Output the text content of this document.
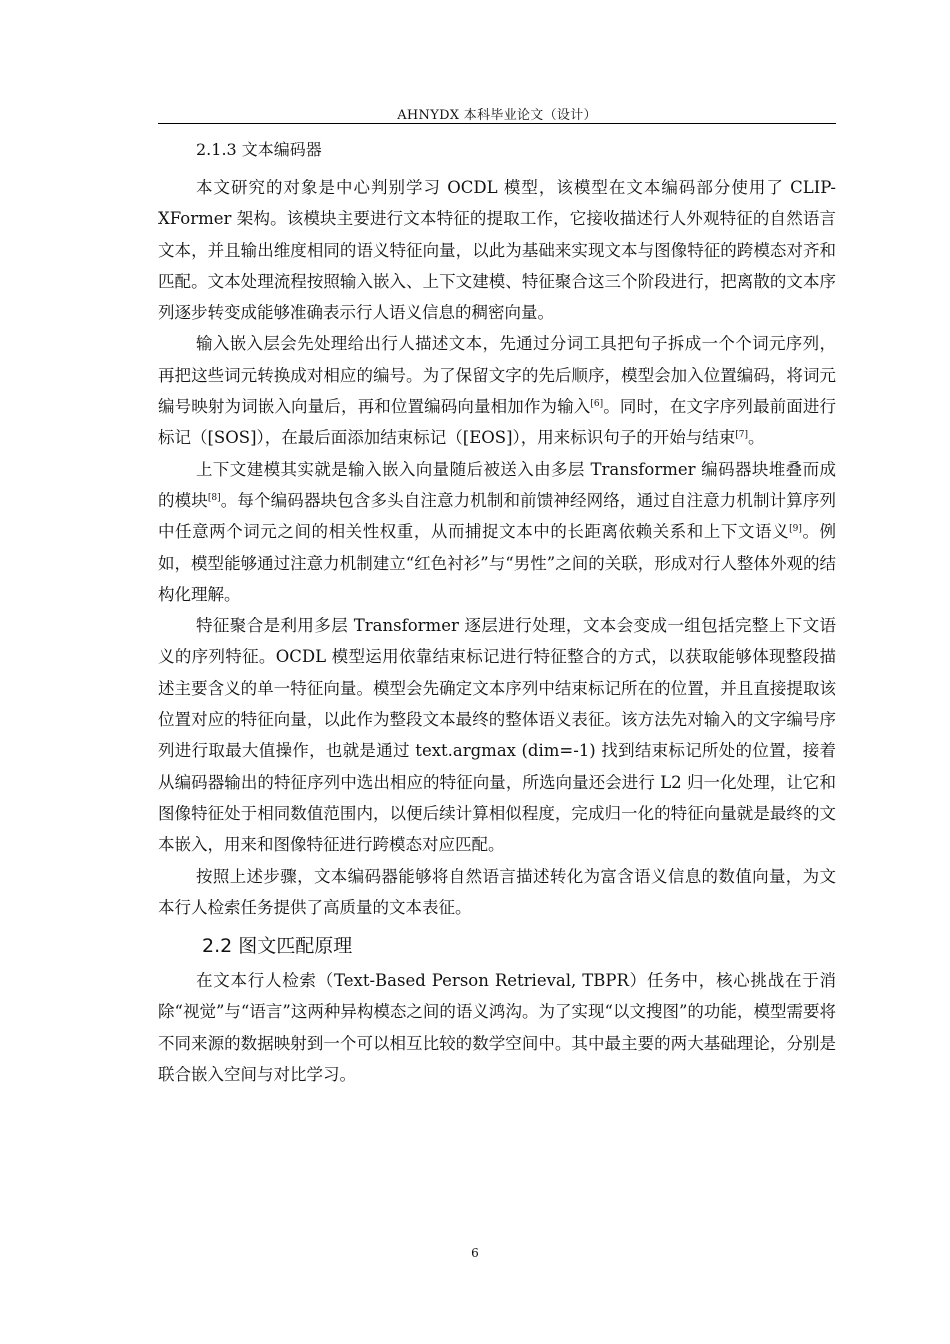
AHNYDX 本科毕业论文（设计）
2.1.3 文本编码器

本文研究的对象是中心判别学习 OCDL 模型，该模型在文本编码部分使用了 CLIP-XFormer 架构。该模块主要进行文本特征的提取工作，它接收描述行人外观特征的自然语言文本，并且输出维度相同的语义特征向量，以此为基础来实现文本与图像特征的跨模态对齐和匹配。文本处理流程按照输入嵌入、上下文建模、特征聚合这三个阶段进行，把离散的文本序列逐步转变成能够准确表示行人语义信息的稠密向量。

输入嵌入层会先处理给出行人描述文本，先通过分词工具把句子拆成一个个词元序列，再把这些词元转换成对相应的编号。为了保留文字的先后顺序，模型会加入位置编码，将词元编号映射为词嵌入向量后，再和位置编码向量相加作为输入[6]。同时，在文字序列最前面进行标记（[SOS]），在最后面添加结束标记（[EOS]），用来标识句子的开始与结束[7]。

上下文建模其实就是输入嵌入向量随后被送入由多层 Transformer 编码器块堆叠而成的模块[8]。每个编码器块包含多头自注意力机制和前馈神经网络，通过自注意力机制计算序列中任意两个词元之间的相关性权重，从而捕捉文本中的长距离依赖关系和上下文语义[9]。例如，模型能够通过注意力机制建立“红色衬衫”与“男性”之间的关联，形成对行人整体外观的结构化理解。

特征聚合是利用多层 Transformer 逐层进行处理，文本会变成一组包括完整上下文语义的序列特征。OCDL 模型运用依靠结束标记进行特征整合的方式，以获取能够体现整段描述主要含义的单一特征向量。模型会先确定文本序列中结束标记所在的位置，并且直接提取该位置对应的特征向量，以此作为整段文本最终的整体语义表征。该方法先对输入的文字编号序列进行取最大值操作，也就是通过 text.argmax (dim=-1) 找到结束标记所处的位置，接着从编码器输出的特征序列中选出相应的特征向量，所选向量还会进行 L2 归一化处理，让它和图像特征处于相同数值范围内，以便后续计算相似程度，完成归一化的特征向量就是最终的文本嵌入，用来和图像特征进行跨模态对应匹配。

按照上述步骤，文本编码器能够将自然语言描述转化为富含语义信息的数值向量，为文本行人检索任务提供了高质量的文本表征。

2.2 图文匹配原理

在文本行人检索（Text-Based Person Retrieval, TBPR）任务中，核心挑战在于消除“视觉”与“语言”这两种异构模态之间的语义鸿沟。为了实现“以文搜图”的功能，模型需要将不同来源的数据映射到一个可以相互比较的数学空间中。其中最主要的两大基础理论，分别是联合嵌入空间与对比学习。

6
